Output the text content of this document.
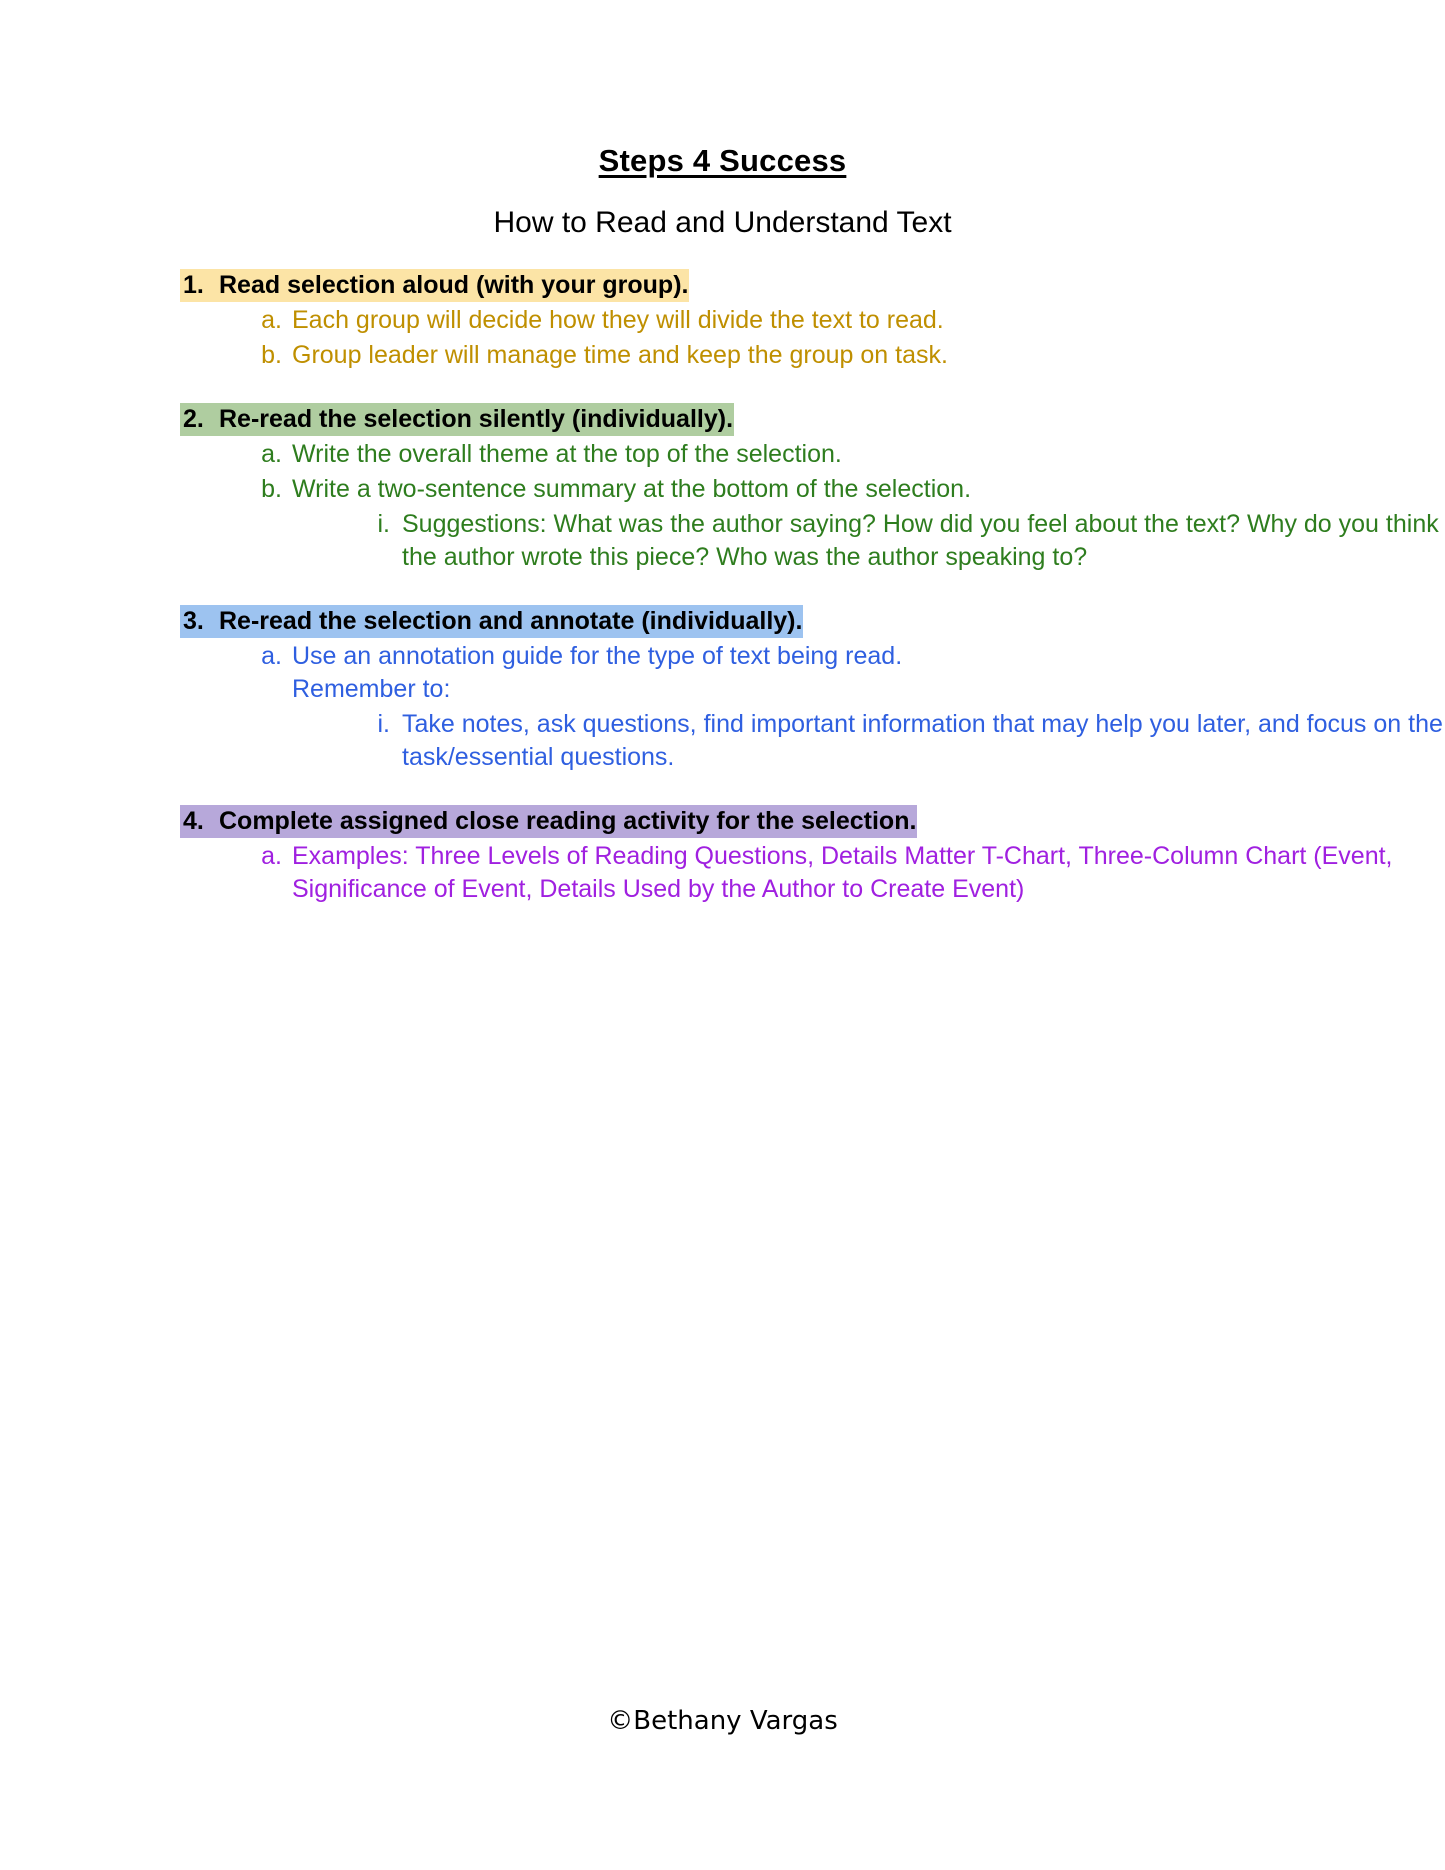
Steps 4 Success
How to Read and Understand Text
1. Read selection aloud (with your group).
a. Each group will decide how they will divide the text to read.
b. Group leader will manage time and keep the group on task.
2. Re-read the selection silently (individually).
a. Write the overall theme at the top of the selection.
b. Write a two-sentence summary at the bottom of the selection.
i. Suggestions: What was the author saying? How did you feel about the text? Why do you think the author wrote this piece? Who was the author speaking to?
3. Re-read the selection and annotate (individually).
a. Use an annotation guide for the type of text being read.
Remember to:
i. Take notes, ask questions, find important information that may help you later, and focus on the task/essential questions.
4. Complete assigned close reading activity for the selection.
a. Examples: Three Levels of Reading Questions, Details Matter T-Chart, Three-Column Chart (Event, Significance of Event, Details Used by the Author to Create Event)
©Bethany Vargas
